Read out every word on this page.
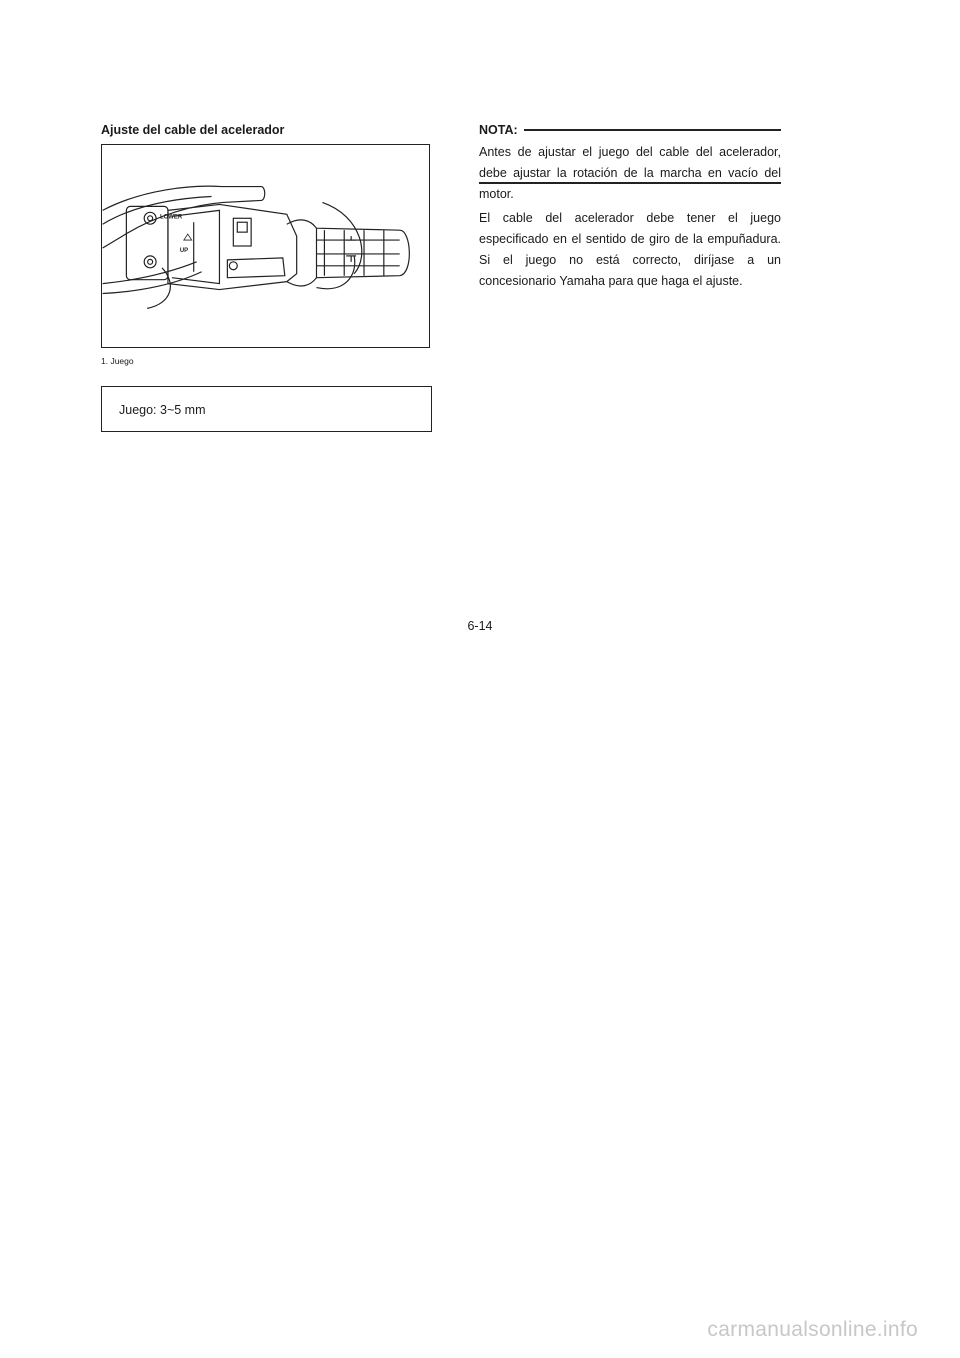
Ajuste del cable del acelerador
LOWER
UP
1. Juego
Juego: 3~5 mm
NOTA:

Antes de ajustar el juego del cable del acelerador, debe ajustar la rotación de la marcha en vacío del motor.

El cable del acelerador debe tener el juego especificado en el sentido de giro de la empuñadura. Si el juego no está correcto, diríjase a un concesionario Yamaha para que haga el ajuste.

6-14
carmanualsonline.info
